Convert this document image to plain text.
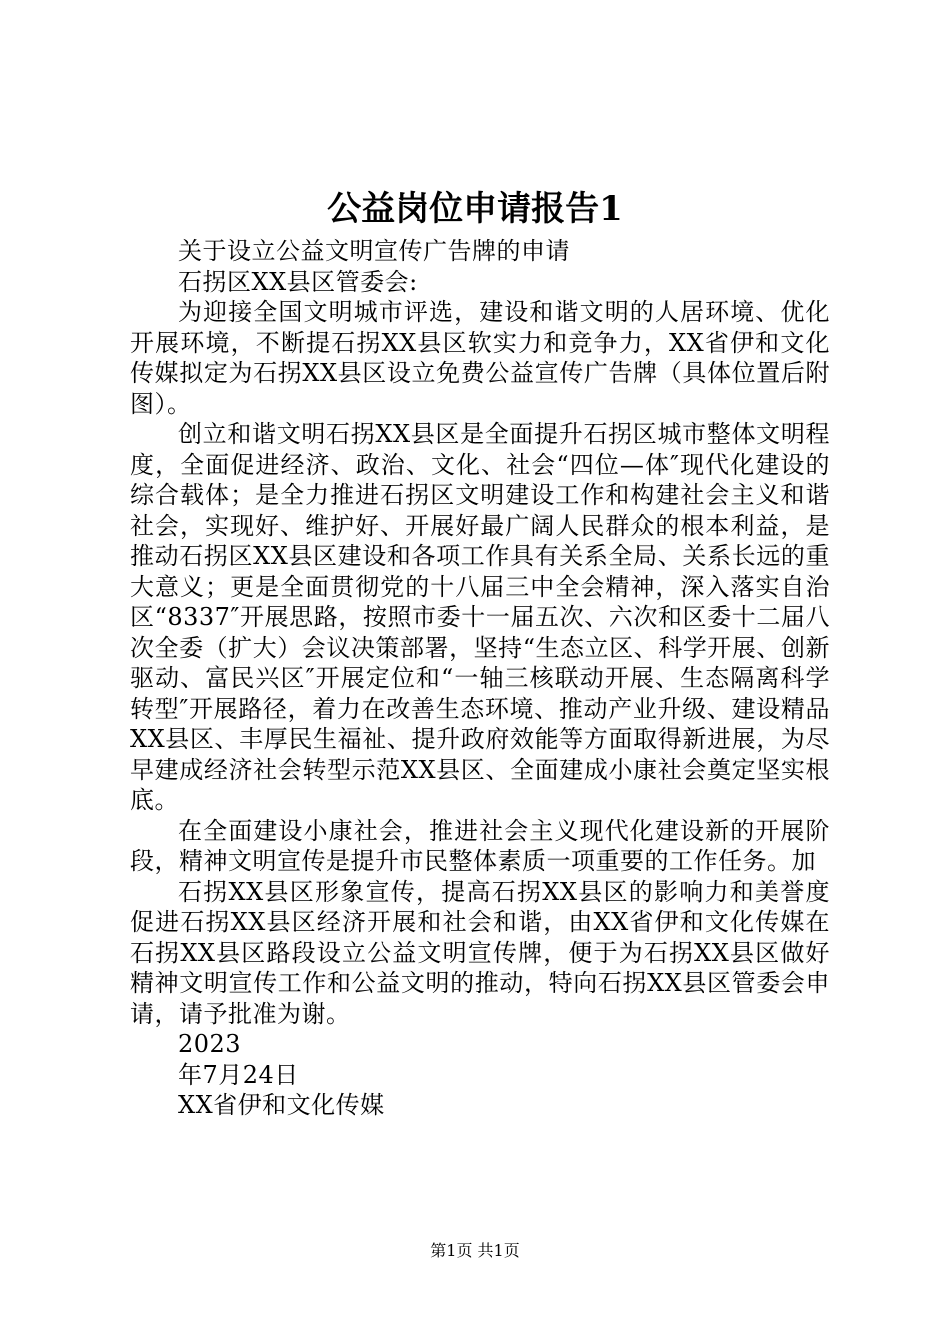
公益岗位申请报告1
关于设立公益文明宣传广告牌的申请
石拐区XX县区管委会:

为迎接全国文明城市评选，建设和谐文明的人居环境、优化开展环境，不断提石拐XX县区软实力和竞争力，XX省伊和文化传媒拟定为石拐XX县区设立免费公益宣传广告牌（具体位置后附图）。

创立和谐文明石拐XX县区是全面提升石拐区城市整体文明程度，全面促进经济、政治、文化、社会“四位—体″现代化建设的综合载体；是全力推进石拐区文明建设工作和构建社会主义和谐社会，实现好、维护好、开展好最广阔人民群众的根本利益，是推动石拐区XX县区建设和各项工作具有关系全局、关系长远的重大意义；更是全面贯彻党的十八届三中全会精神，深入落实自治区“8337″开展思路，按照市委十一届五次、六次和区委十二届八次全委（扩大）会议决策部署，坚持“生态立区、科学开展、创新驱动、富民兴区″开展定位和“一轴三核联动开展、生态隔离科学转型″开展路径，着力在改善生态环境、推动产业升级、建设精品XX县区、丰厚民生福祉、提升政府效能等方面取得新进展，为尽早建成经济社会转型示范XX县区、全面建成小康社会奠定坚实根底。

在全面建设小康社会，推进社会主义现代化建设新的开展阶段，精神文明宣传是提升市民整体素质一项重要的工作任务。加

石拐XX县区形象宣传，提高石拐XX县区的影响力和美誉度促进石拐XX县区经济开展和社会和谐，由XX省伊和文化传媒在石拐XX县区路段设立公益文明宣传牌，便于为石拐XX县区做好精神文明宣传工作和公益文明的推动，特向石拐XX县区管委会申请，请予批准为谢。

2023
年7月24日
XX省伊和文化传媒
第1页 共1页
